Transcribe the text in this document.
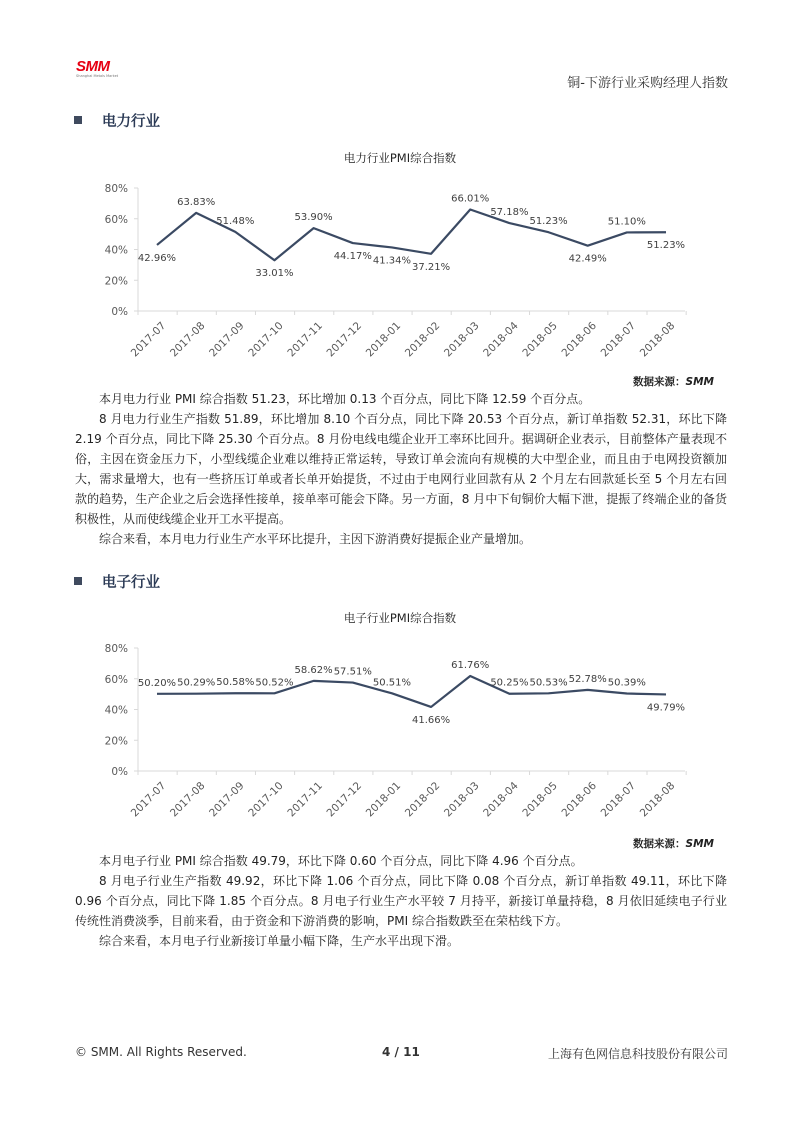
SMM
Shanghai Metals Market	铜-下游行业采购经理人指数
电力行业
电力行业PMI综合指数
0%
20%
40%
60%
80%
2017-07 2017-08 2017-09 2017-10 2017-11 2017-12 2018-01 2018-02 2018-03 2018-04 2018-05 2018-06 2018-07 2018-08
42.96%
63.83%
51.48%
33.01%
53.90%
44.17% 41.34%
37.21%
66.01%
57.18%
51.23%
42.49%
51.10%
51.23%
数据来源：SMM

本月电力行业 PMI 综合指数 51.23，环比增加 0.13 个百分点，同比下降 12.59 个百分点。

8 月电力行业生产指数 51.89，环比增加 8.10 个百分点，同比下降 20.53 个百分点，新订单指数 52.31，环比下降 2.19 个百分点，同比下降 25.30 个百分点。8 月份电线电缆企业开工率环比回升。据调研企业表示，目前整体产量表现不俗，主因在资金压力下，小型线缆企业难以维持正常运转，导致订单会流向有规模的大中型企业，而且由于电网投资额加大，需求量增大，也有一些挤压订单或者长单开始提货，不过由于电网行业回款有从 2 个月左右回款延长至 5 个月左右回款的趋势，生产企业之后会选择性接单，接单率可能会下降。另一方面，8 月中下旬铜价大幅下泄，提振了终端企业的备货积极性，从而使线缆企业开工水平提高。

综合来看，本月电力行业生产水平环比提升，主因下游消费好提振企业产量增加。

电子行业
电子行业PMI综合指数
0%
20%
40%
60%
80%
2017-07 2017-08 2017-09 2017-10 2017-11 2017-12 2018-01 2018-02 2018-03 2018-04 2018-05 2018-06 2018-07 2018-08
50.20% 50.29% 50.58% 50.52%
58.62% 57.51%
50.51%
41.66%
61.76%
50.25% 50.53% 52.78% 50.39%
49.79%
数据来源：SMM

本月电子行业 PMI 综合指数 49.79，环比下降 0.60 个百分点，同比下降 4.96 个百分点。

8 月电子行业生产指数 49.92，环比下降 1.06 个百分点，同比下降 0.08 个百分点，新订单指数 49.11，环比下降 0.96 个百分点，同比下降 1.85 个百分点。8 月电子行业生产水平较 7 月持平，新接订单量持稳，8 月依旧延续电子行业传统性消费淡季，目前来看，由于资金和下游消费的影响，PMI 综合指数跌至在荣枯线下方。

综合来看，本月电子行业新接订单量小幅下降，生产水平出现下滑。

© SMM. All Rights Reserved.	4 / 11	上海有色网信息科技股份有限公司
